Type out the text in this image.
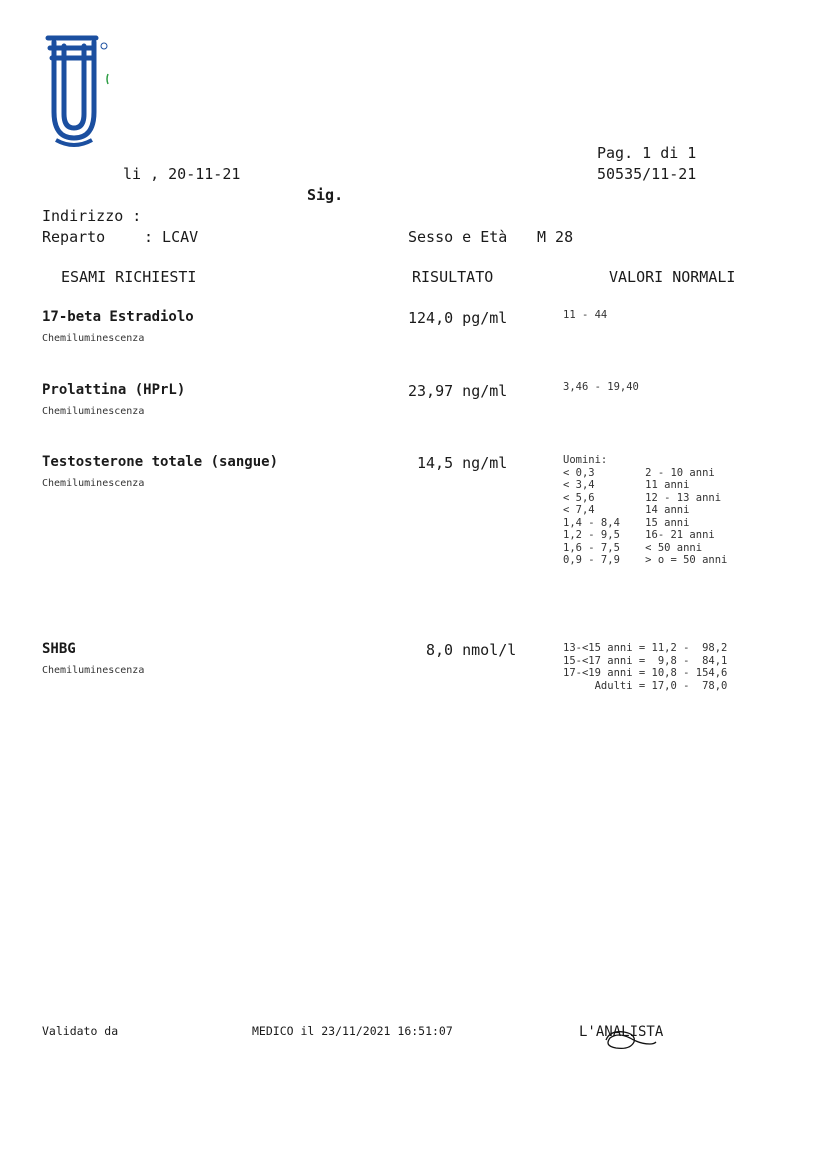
Pag. 1 di 1
li , 20-11-21	50535/11-21
Sig.
Indirizzo :
Reparto	: LCAV	Sesso e Età M 28
ESAMI RICHIESTI	RISULTATO	VALORI NORMALI
17-beta Estradiolo
Chemiluminescenza
124,0 pg/ml	11 - 44
Prolattina (HPrL)
Chemiluminescenza
23,97 ng/ml	3,46 - 19,40
Testosterone totale (sangue)
Chemiluminescenza
14,5 ng/ml	Uomini:
< 0,3        2 - 10 anni
< 3,4        11 anni
< 5,6        12 - 13 anni
< 7,4        14 anni
1,4 - 8,4    15 anni
1,2 - 9,5    16- 21 anni
1,6 - 7,5    < 50 anni
0,9 - 7,9    > o = 50 anni
SHBG
Chemiluminescenza
8,0 nmol/l	13-<15 anni = 11,2 -  98,2
15-<17 anni =  9,8 -  84,1
17-<19 anni = 10,8 - 154,6
Adulti = 17,0 -  78,0
Validato da	MEDICO il 23/11/2021 16:51:07	L'ANALISTA
